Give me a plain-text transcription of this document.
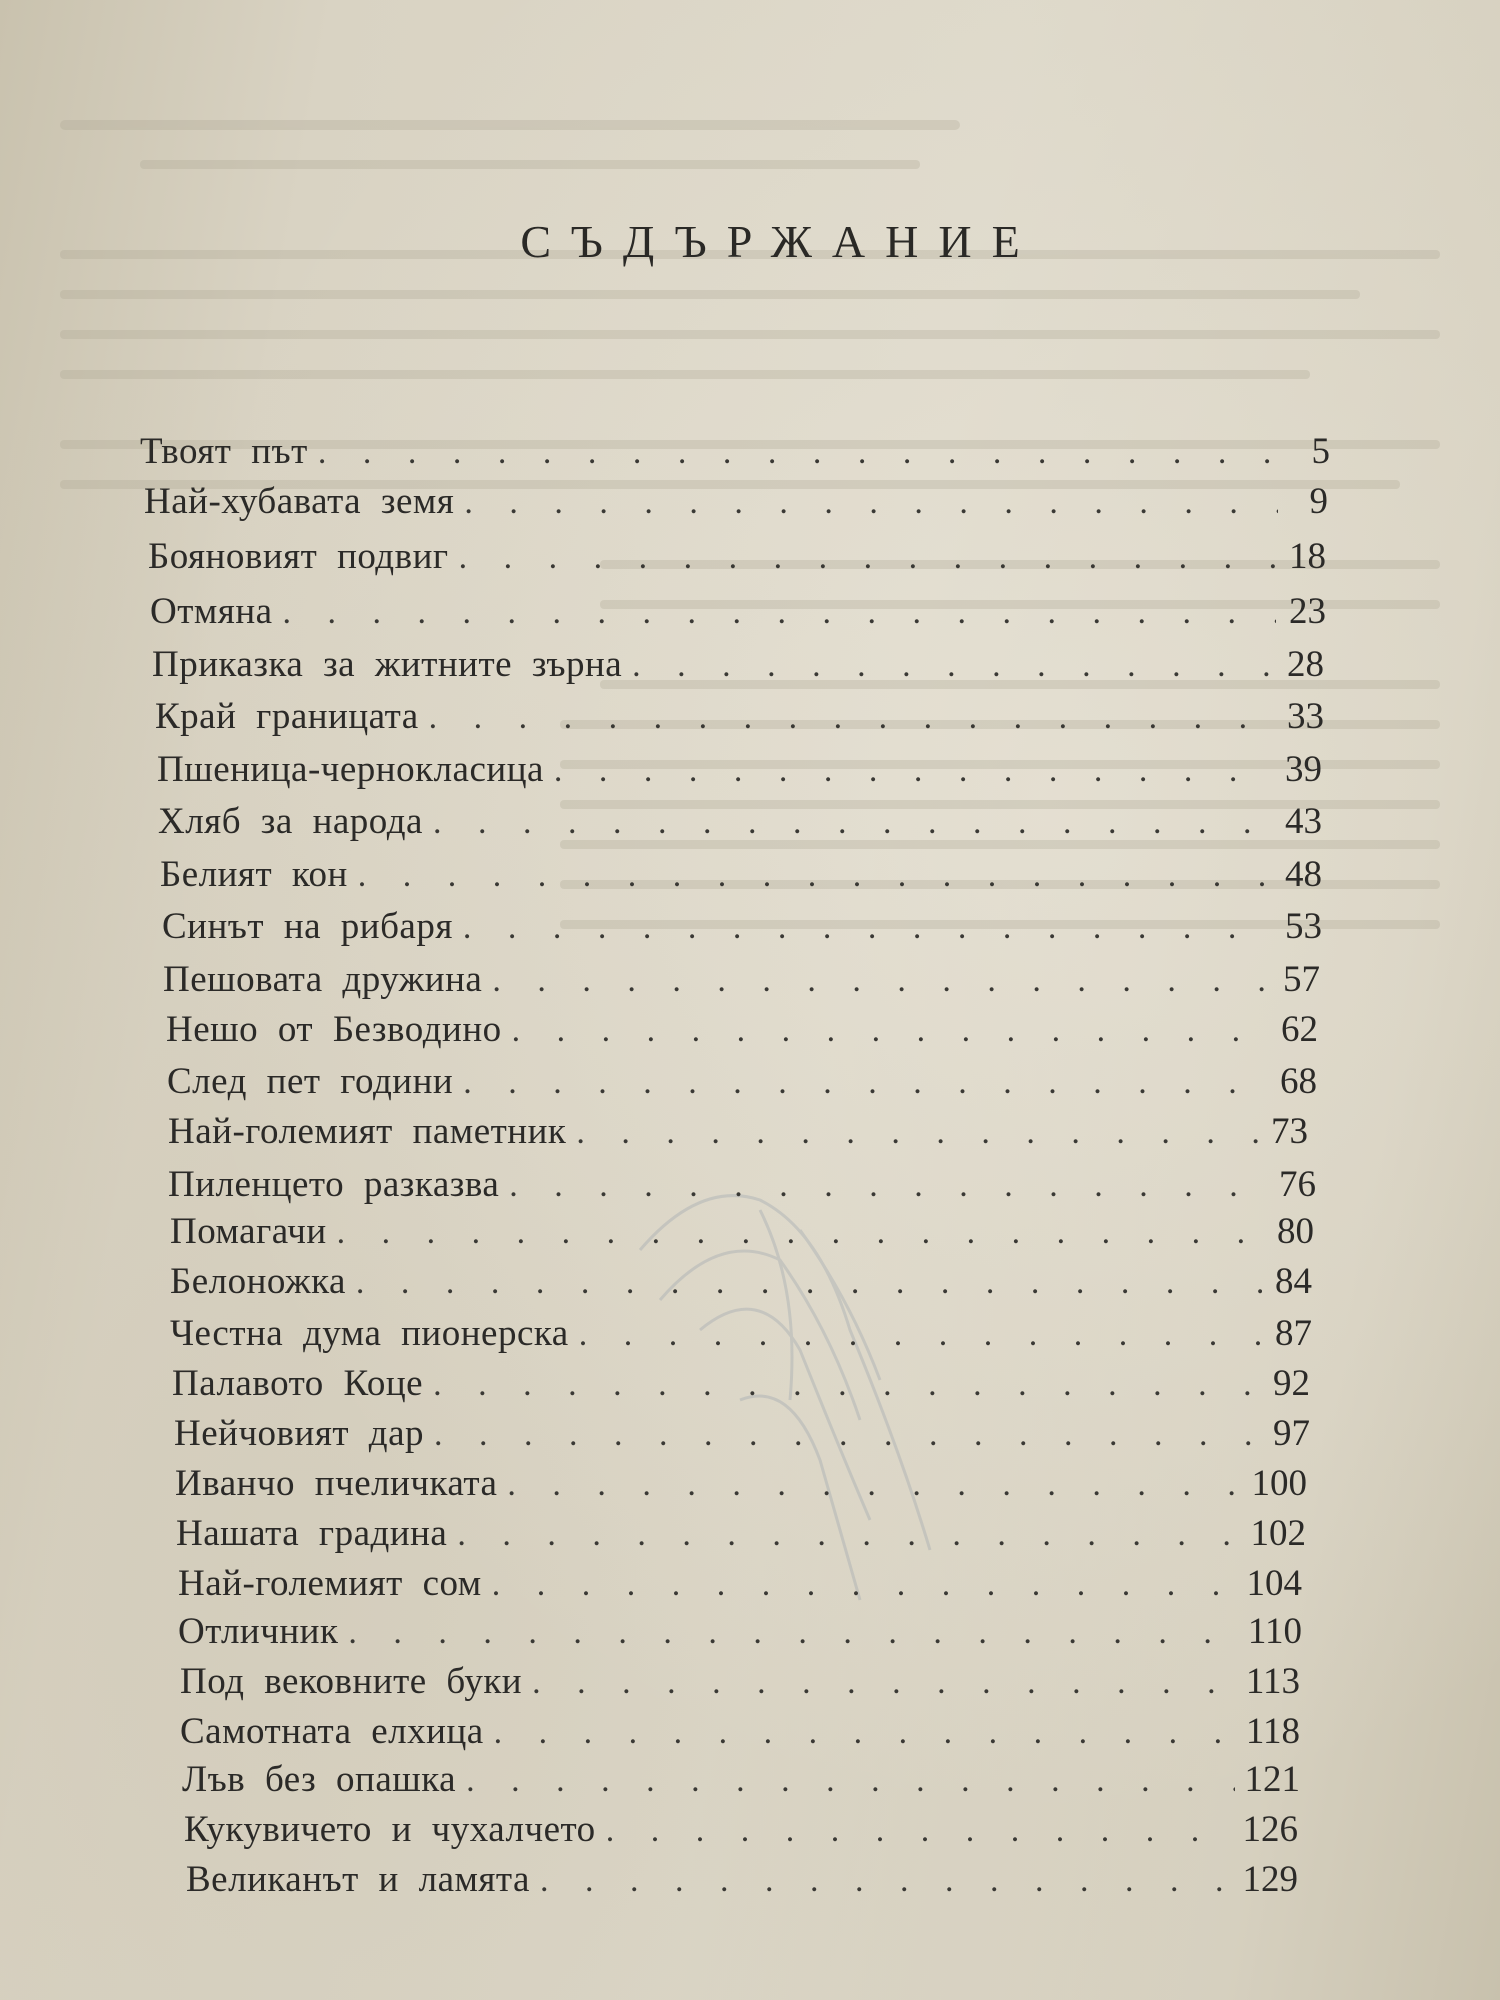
СЪДЪРЖАНИЕ
Твоят път . . .	5
Най-хубавата земя . . .	9
Бояновият подвиг . . .	18
Отмяна . . .	23
Приказка за житните зърна . . .	28
Край границата . . .	33
Пшеница-чернокласица . . .	39
Хляб за народа . . .	43
Белият кон . . .	48
Синът на рибаря . . .	53
Пешовата дружина . . .	57
Нешо от Безводино . . .	62
След пет години . . .	68
Най-големият паметник . . .	73
Пиленцето разказва . . .	76
Помагачи . . .	80
Белоножка . . .	84
Честна дума пионерска . . .	87
Палавото Коце . . .	92
Нейчовият дар . . .	97
Иванчо пчеличката . . .	100
Нашата градина . . .	102
Най-големият сом . . .	104
Отличник . . .	110
Под вековните буки . . .	113
Самотната елхица . . .	118
Лъв без опашка . . .	121
Кукувичето и чухалчето . . .	126
Великанът и ламята . . .	129
